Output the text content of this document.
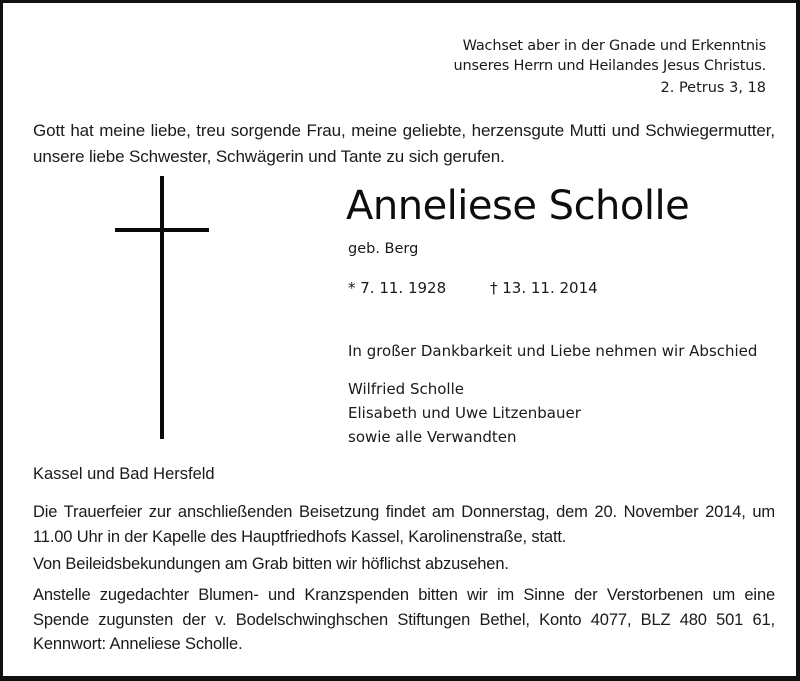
Wachset aber in der Gnade und Erkenntnis
unseres Herrn und Heilandes Jesus Christus.
2. Petrus 3, 18
Gott hat meine liebe, treu sorgende Frau, meine geliebte, herzensgute Mutti und Schwiegermutter, unsere liebe Schwester, Schwägerin und Tante zu sich gerufen.
Anneliese Scholle
geb. Berg
* 7. 11. 1928	† 13. 11. 2014
In großer Dankbarkeit und Liebe nehmen wir Abschied
Wilfried Scholle
Elisabeth und Uwe Litzenbauer
sowie alle Verwandten
Kassel und Bad Hersfeld
Die Trauerfeier zur anschließenden Beisetzung findet am Donnerstag, dem 20. November 2014, um 11.00 Uhr in der Kapelle des Hauptfriedhofs Kassel, Karolinenstraße, statt.
Von Beileidsbekundungen am Grab bitten wir höflichst abzusehen.
Anstelle zugedachter Blumen- und Kranzspenden bitten wir im Sinne der Verstorbenen um eine Spende zugunsten der v. Bodelschwinghschen Stiftungen Bethel, Konto 4077, BLZ 480 501 61, Kennwort: Anneliese Scholle.
